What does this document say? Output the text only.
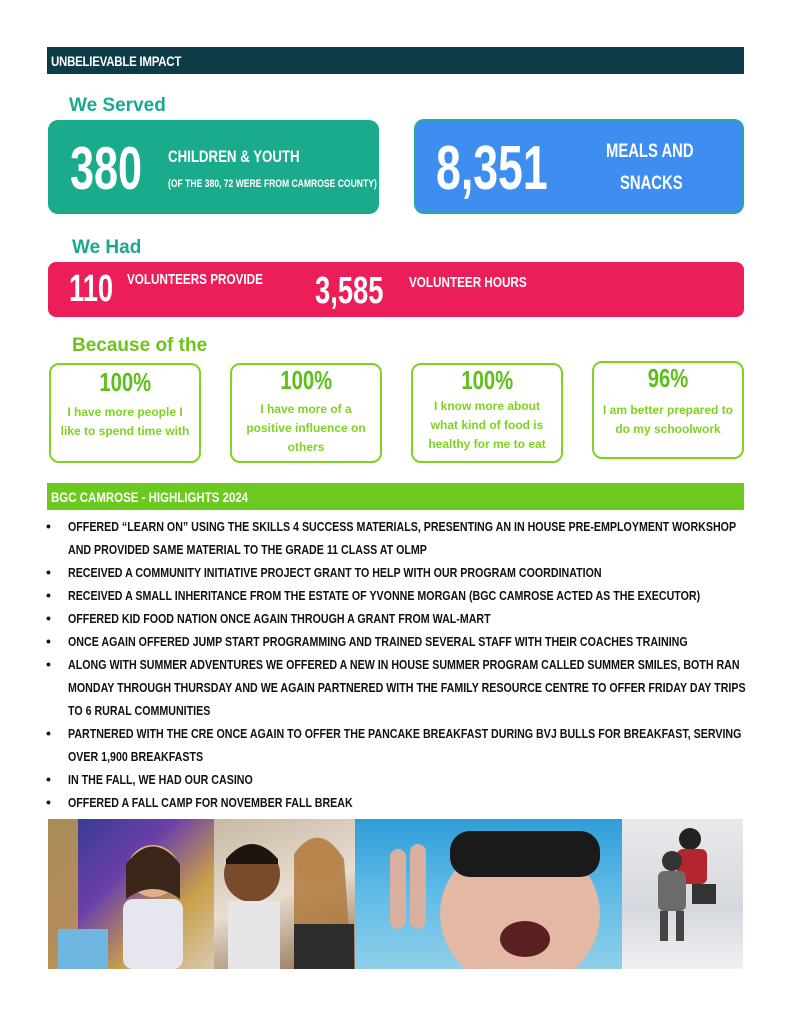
UNBELIEVABLE IMPACT
We Served
380 CHILDREN & YOUTH
(OF THE 380, 72 WERE FROM CAMROSE COUNTY) 8,351	MEALS AND
SNACKS
We Had
110 VOLUNTEERS PROVIDE 3,585 VOLUNTEER HOURS
Because of the
100%
I have more people I like to spend time with
100%
I have more of a positive influence on others
100%
I know more about what kind of food is healthy for me to eat
96%
I am better prepared to do my schoolwork
BGC CAMROSE - HIGHLIGHTS 2024
• OFFERED “LEARN ON” USING THE SKILLS 4 SUCCESS MATERIALS, PRESENTING AN IN HOUSE PRE-EMPLOYMENT WORKSHOP AND PROVIDED SAME MATERIAL TO THE GRADE 11 CLASS AT OLMP
• RECEIVED A COMMUNITY INITIATIVE PROJECT GRANT TO HELP WITH OUR PROGRAM COORDINATION
• RECEIVED A SMALL INHERITANCE FROM THE ESTATE OF YVONNE MORGAN (BGC CAMROSE ACTED AS THE EXECUTOR)
• OFFERED KID FOOD NATION ONCE AGAIN THROUGH A GRANT FROM WAL-MART
• ONCE AGAIN OFFERED JUMP START PROGRAMMING AND TRAINED SEVERAL STAFF WITH THEIR COACHES TRAINING
• ALONG WITH SUMMER ADVENTURES WE OFFERED A NEW IN HOUSE SUMMER PROGRAM CALLED SUMMER SMILES, BOTH RAN MONDAY THROUGH THURSDAY AND WE AGAIN PARTNERED WITH THE FAMILY RESOURCE CENTRE TO OFFER FRIDAY DAY TRIPS TO 6 RURAL COMMUNITIES
• PARTNERED WITH THE CRE ONCE AGAIN TO OFFER THE PANCAKE BREAKFAST DURING BVJ BULLS FOR BREAKFAST, SERVING OVER 1,900 BREAKFASTS
• IN THE FALL, WE HAD OUR CASINO
• OFFERED A FALL CAMP FOR NOVEMBER FALL BREAK
